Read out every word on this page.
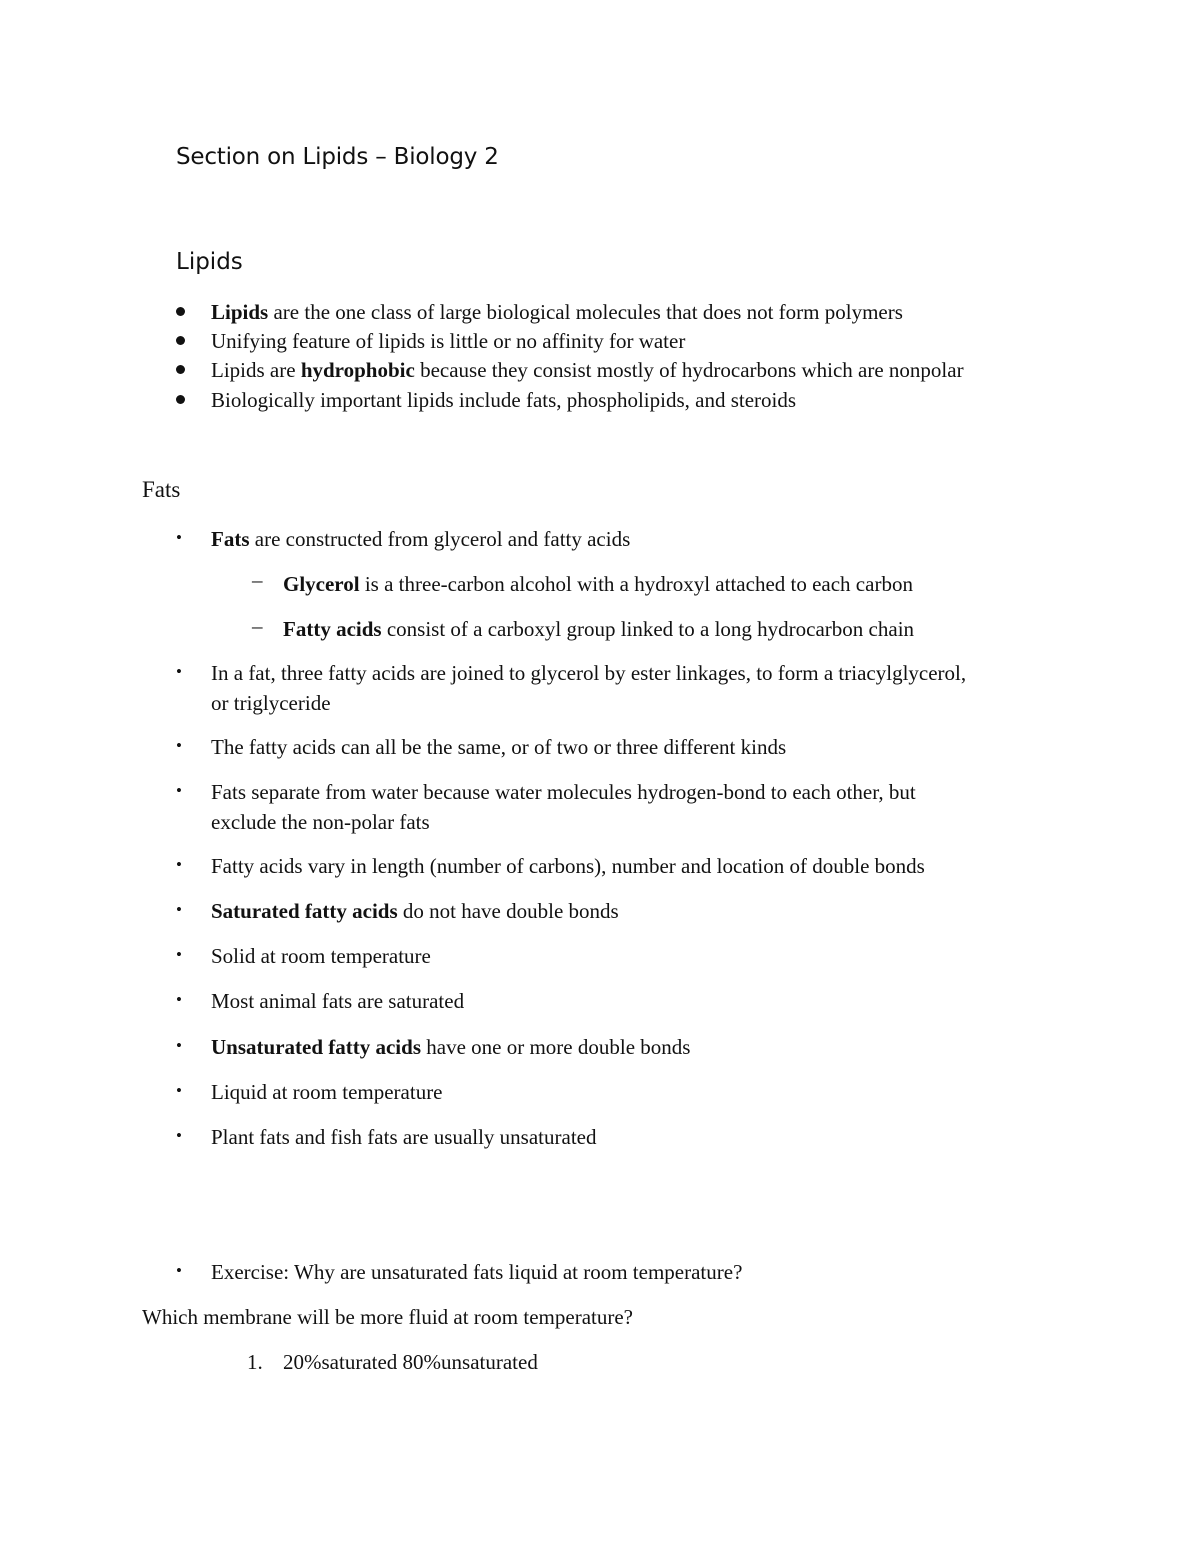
Section on Lipids – Biology 2
Lipids
Lipids are the one class of large biological molecules that does not form polymers
Unifying feature of lipids is little or no affinity for water
Lipids are hydrophobic because they consist mostly of hydrocarbons which are nonpolar
Biologically important lipids include fats, phospholipids, and steroids
Fats
• Fats are constructed from glycerol and fatty acids
– Glycerol is a three-carbon alcohol with a hydroxyl attached to each carbon
– Fatty acids consist of a carboxyl group linked to a long hydrocarbon chain
• In a fat, three fatty acids are joined to glycerol by ester linkages, to form a triacylglycerol,
or triglyceride
• The fatty acids can all be the same, or of two or three different kinds
• Fats separate from water because water molecules hydrogen-bond to each other, but
exclude the non-polar fats
• Fatty acids vary in length (number of carbons), number and location of double bonds
• Saturated fatty acids do not have double bonds
• Solid at room temperature
• Most animal fats are saturated
• Unsaturated fatty acids have one or more double bonds
• Liquid at room temperature
• Plant fats and fish fats are usually unsaturated
• Exercise: Why are unsaturated fats liquid at room temperature?
Which membrane will be more fluid at room temperature?
1. 20%saturated 80%unsaturated
